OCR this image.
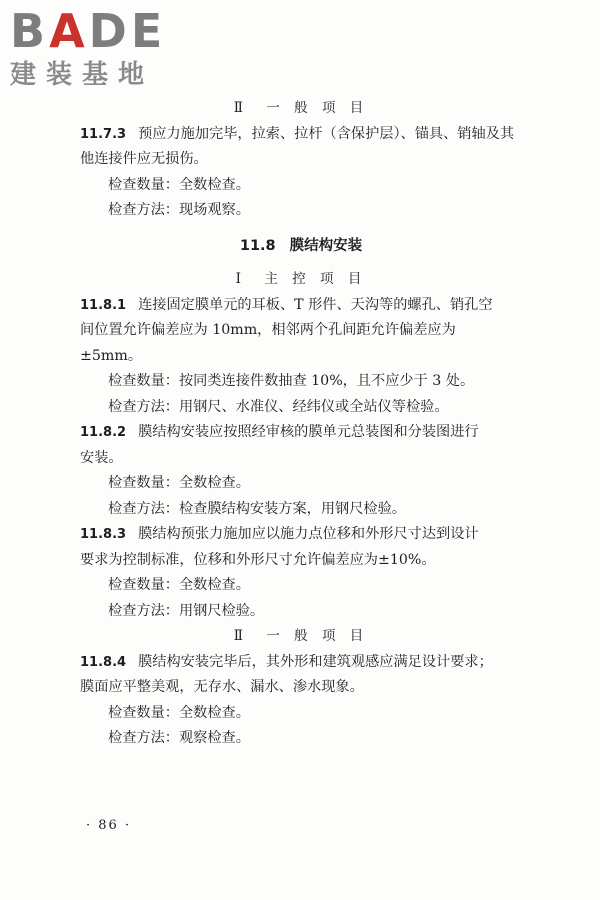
BADE
建装基地
Ⅱ　一 般 项 目
11.7.3 预应力施加完毕，拉索、拉杆（含保护层）、锚具、销轴及其
他连接件应无损伤。
检查数量：全数检查。
检查方法：现场观察。
11.8 膜结构安装
Ⅰ　主 控 项 目
11.8.1 连接固定膜单元的耳板、T 形件、天沟等的螺孔、销孔空
间位置允许偏差应为 10mm，相邻两个孔间距允许偏差应为
±5mm。
检查数量：按同类连接件数抽查 10%，且不应少于 3 处。
检查方法：用钢尺、水准仪、经纬仪或全站仪等检验。
11.8.2 膜结构安装应按照经审核的膜单元总装图和分装图进行
安装。
检查数量：全数检查。
检查方法：检查膜结构安装方案，用钢尺检验。
11.8.3 膜结构预张力施加应以施力点位移和外形尺寸达到设计
要求为控制标准，位移和外形尺寸允许偏差应为±10%。
检查数量：全数检查。
检查方法：用钢尺检验。
Ⅱ　一 般 项 目
11.8.4 膜结构安装完毕后，其外形和建筑观感应满足设计要求；
膜面应平整美观，无存水、漏水、渗水现象。
检查数量：全数检查。
检查方法：观察检查。
· 86 ·
